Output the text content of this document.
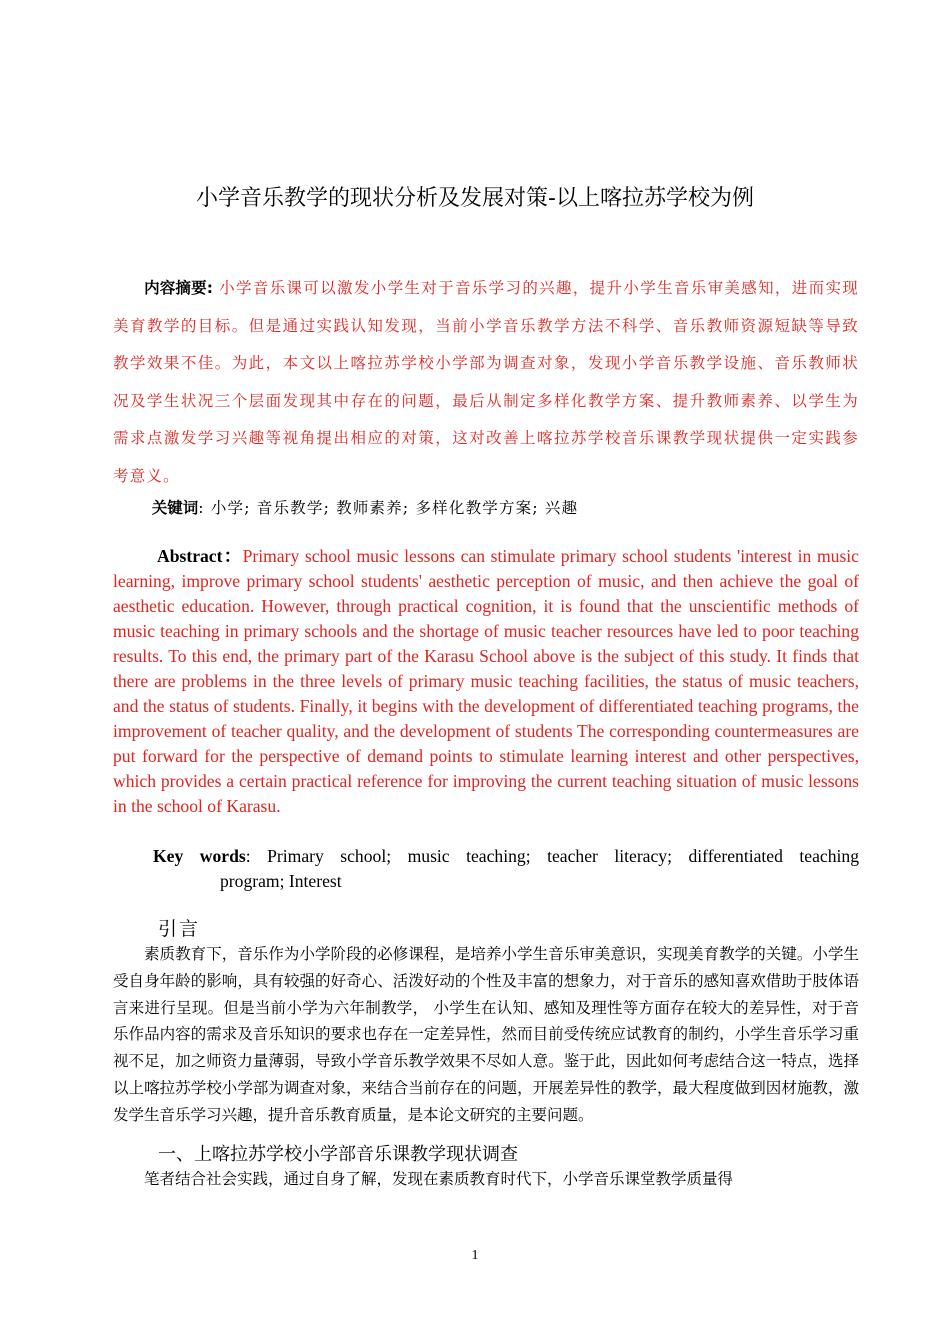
小学音乐教学的现状分析及发展对策-以上喀拉苏学校为例
内容摘要: 小学音乐课可以激发小学生对于音乐学习的兴趣，提升小学生音乐审美感知，进而实现美育教学的目标。但是通过实践认知发现，当前小学音乐教学方法不科学、音乐教师资源短缺等导致教学效果不佳。为此，本文以上喀拉苏学校小学部为调查对象，发现小学音乐教学设施、音乐教师状况及学生状况三个层面发现其中存在的问题，最后从制定多样化教学方案、提升教师素养、以学生为需求点激发学习兴趣等视角提出相应的对策，这对改善上喀拉苏学校音乐课教学现状提供一定实践参考意义。
关键词: 小学; 音乐教学; 教师素养; 多样化教学方案; 兴趣
Abstract：Primary school music lessons can stimulate primary school students 'interest in music learning, improve primary school students' aesthetic perception of music, and then achieve the goal of aesthetic education. However, through practical cognition, it is found that the unscientific methods of music teaching in primary schools and the shortage of music teacher resources have led to poor teaching results. To this end, the primary part of the Karasu School above is the subject of this study. It finds that there are problems in the three levels of primary music teaching facilities, the status of music teachers, and the status of students. Finally, it begins with the development of differentiated teaching programs, the improvement of teacher quality, and the development of students The corresponding countermeasures are put forward for the perspective of demand points to stimulate learning interest and other perspectives, which provides a certain practical reference for improving the current teaching situation of music lessons in the school of Karasu.
Key words: Primary school; music teaching; teacher literacy; differentiated teaching
program; Interest
引言

素质教育下，音乐作为小学阶段的必修课程，是培养小学生音乐审美意识，实现美育教学的关键。小学生受自身年龄的影响，具有较强的好奇心、活泼好动的个性及丰富的想象力，对于音乐的感知喜欢借助于肢体语言来进行呈现。但是当前小学为六年制教学， 小学生在认知、感知及理性等方面存在较大的差异性，对于音乐作品内容的需求及音乐知识的要求也存在一定差异性，然而目前受传统应试教育的制约，小学生音乐学习重视不足，加之师资力量薄弱，导致小学音乐教学效果不尽如人意。鉴于此，因此如何考虑结合这一特点，选择以上喀拉苏学校小学部为调查对象，来结合当前存在的问题，开展差异性的教学，最大程度做到因材施教，激发学生音乐学习兴趣，提升音乐教育质量，是本论文研究的主要问题。

一、上喀拉苏学校小学部音乐课教学现状调查

笔者结合社会实践，通过自身了解，发现在素质教育时代下，小学音乐课堂教学质量得

1
